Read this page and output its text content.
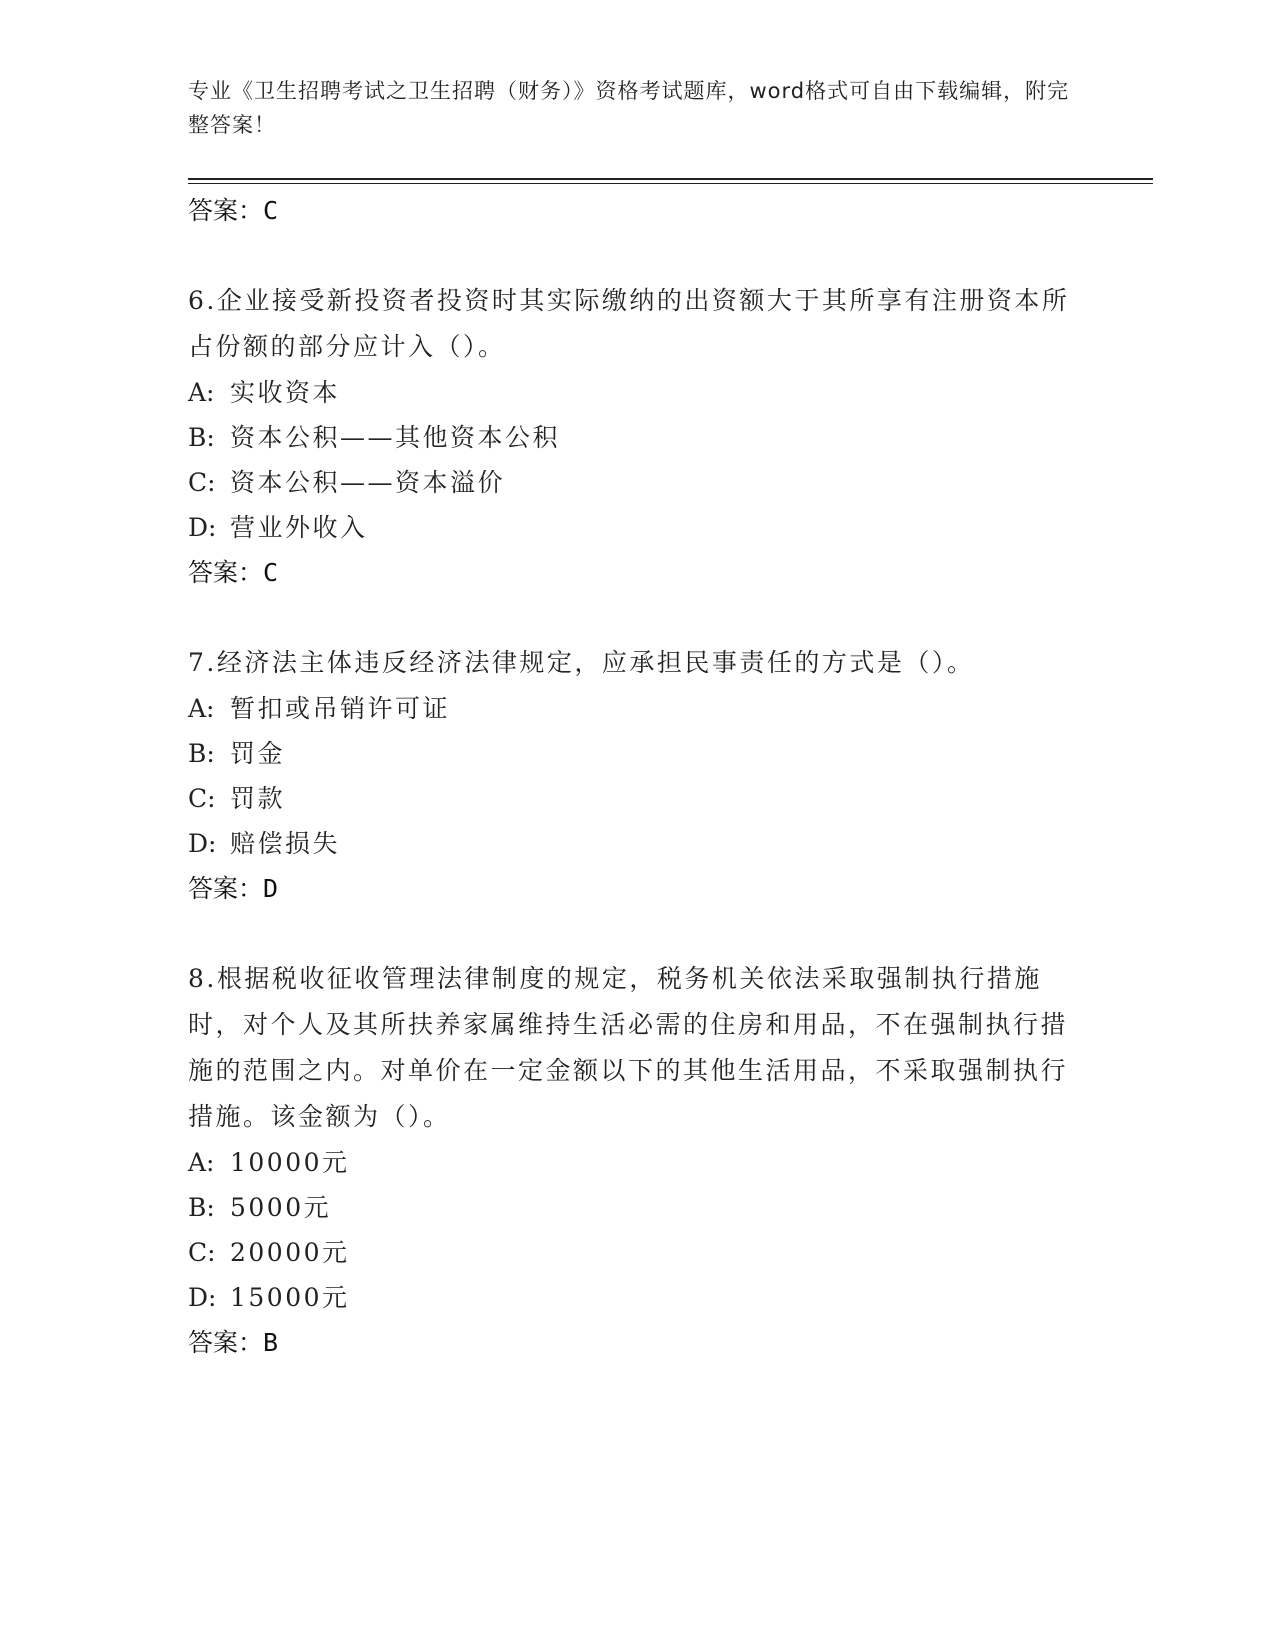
专业《卫生招聘考试之卫生招聘（财务）》资格考试题库，word格式可自由下载编辑，附完整答案！

答案：C

6.企业接受新投资者投资时其实际缴纳的出资额大于其所享有注册资本所占份额的部分应计入（）。

A: 实收资本

B: 资本公积——其他资本公积

C: 资本公积——资本溢价

D: 营业外收入

答案：C

7.经济法主体违反经济法律规定，应承担民事责任的方式是（）。

A: 暂扣或吊销许可证

B: 罚金

C: 罚款

D: 赔偿损失

答案：D

8.根据税收征收管理法律制度的规定，税务机关依法采取强制执行措施时，对个人及其所扶养家属维持生活必需的住房和用品，不在强制执行措施的范围之内。对单价在一定金额以下的其他生活用品，不采取强制执行措施。该金额为（）。

A: 10000元

B: 5000元

C: 20000元

D: 15000元

答案：B
